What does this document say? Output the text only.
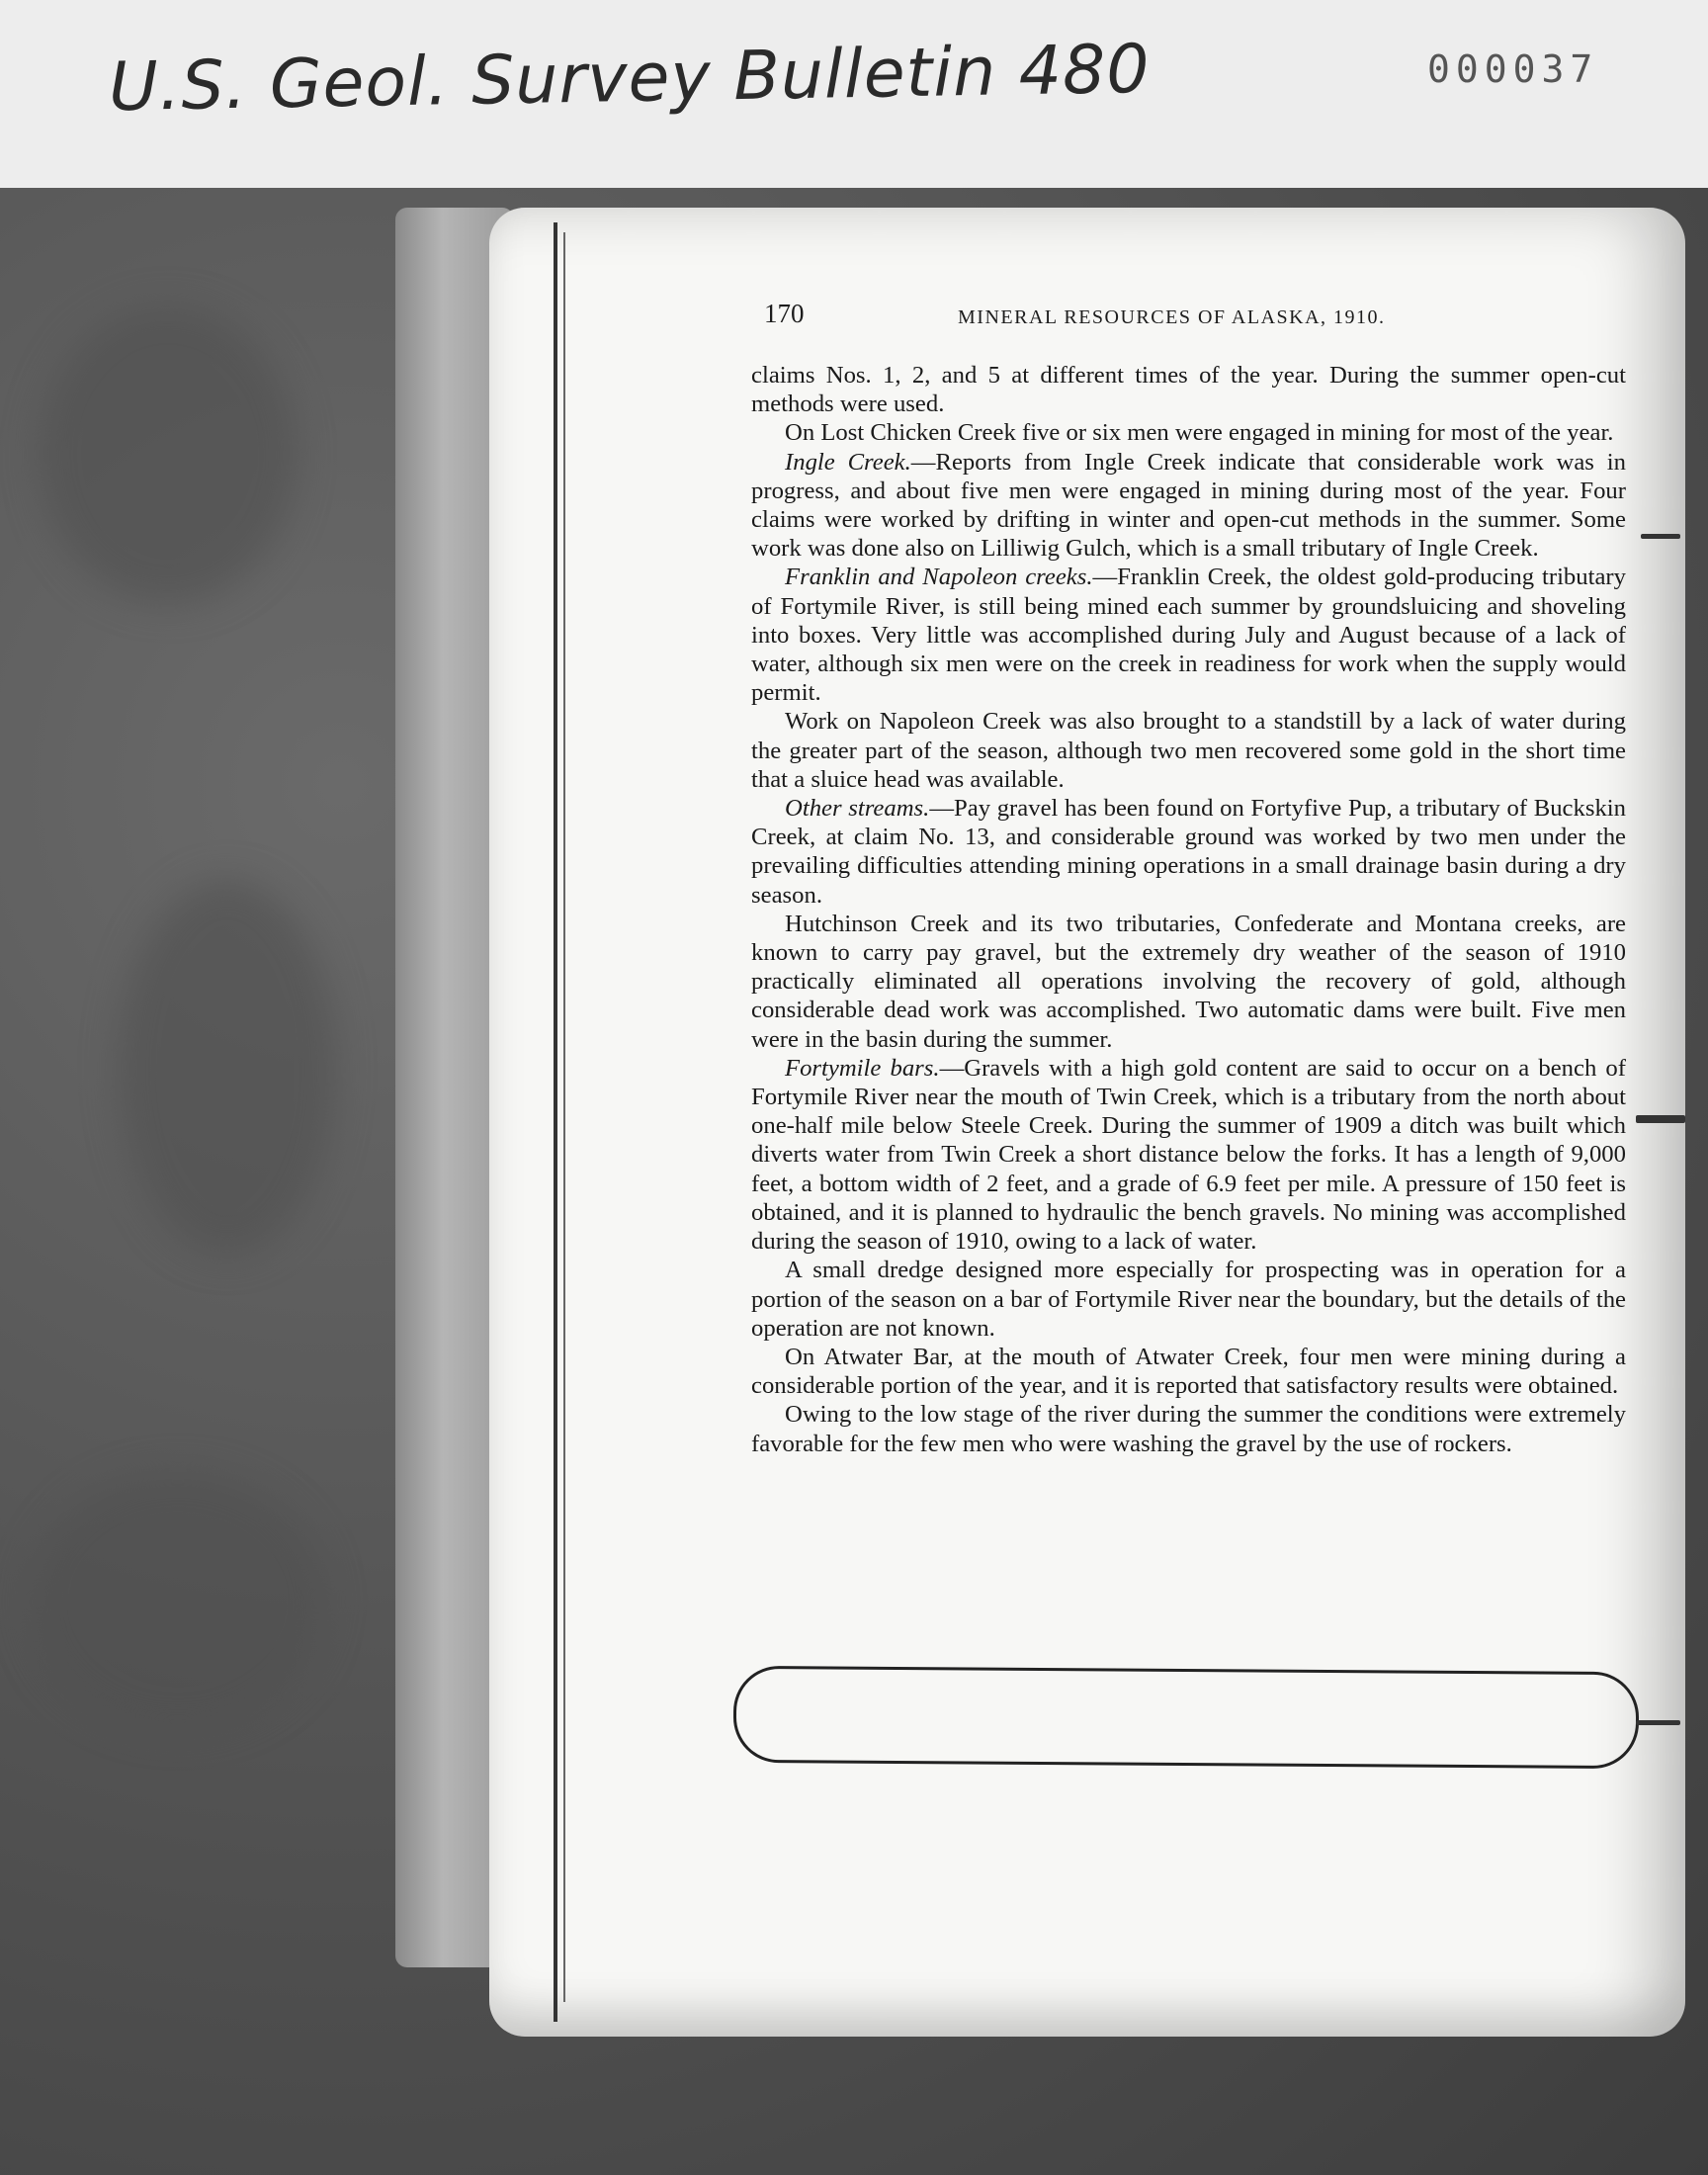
U.S. Geol. Survey Bulletin 480	000037
170	MINERAL RESOURCES OF ALASKA, 1910.

claims Nos. 1, 2, and 5 at different times of the year. During the summer open-cut methods were used.

On Lost Chicken Creek five or six men were engaged in mining for most of the year.

Ingle Creek.—Reports from Ingle Creek indicate that considerable work was in progress, and about five men were engaged in mining during most of the year. Four claims were worked by drifting in winter and open-cut methods in the summer. Some work was done also on Lilliwig Gulch, which is a small tributary of Ingle Creek.

Franklin and Napoleon creeks.—Franklin Creek, the oldest gold-producing tributary of Fortymile River, is still being mined each summer by groundsluicing and shoveling into boxes. Very little was accomplished during July and August because of a lack of water, although six men were on the creek in readiness for work when the supply would permit.

Work on Napoleon Creek was also brought to a standstill by a lack of water during the greater part of the season, although two men recovered some gold in the short time that a sluice head was available.

Other streams.—Pay gravel has been found on Fortyfive Pup, a tributary of Buckskin Creek, at claim No. 13, and considerable ground was worked by two men under the prevailing difficulties attending mining operations in a small drainage basin during a dry season.

Hutchinson Creek and its two tributaries, Confederate and Montana creeks, are known to carry pay gravel, but the extremely dry weather of the season of 1910 practically eliminated all operations involving the recovery of gold, although considerable dead work was accomplished. Two automatic dams were built. Five men were in the basin during the summer.

Fortymile bars.—Gravels with a high gold content are said to occur on a bench of Fortymile River near the mouth of Twin Creek, which is a tributary from the north about one-half mile below Steele Creek. During the summer of 1909 a ditch was built which diverts water from Twin Creek a short distance below the forks. It has a length of 9,000 feet, a bottom width of 2 feet, and a grade of 6.9 feet per mile. A pressure of 150 feet is obtained, and it is planned to hydraulic the bench gravels. No mining was accomplished during the season of 1910, owing to a lack of water.

A small dredge designed more especially for prospecting was in operation for a portion of the season on a bar of Fortymile River near the boundary, but the details of the operation are not known.

On Atwater Bar, at the mouth of Atwater Creek, four men were mining during a considerable portion of the year, and it is reported that satisfactory results were obtained.

Owing to the low stage of the river during the summer the conditions were extremely favorable for the few men who were washing the gravel by the use of rockers.
